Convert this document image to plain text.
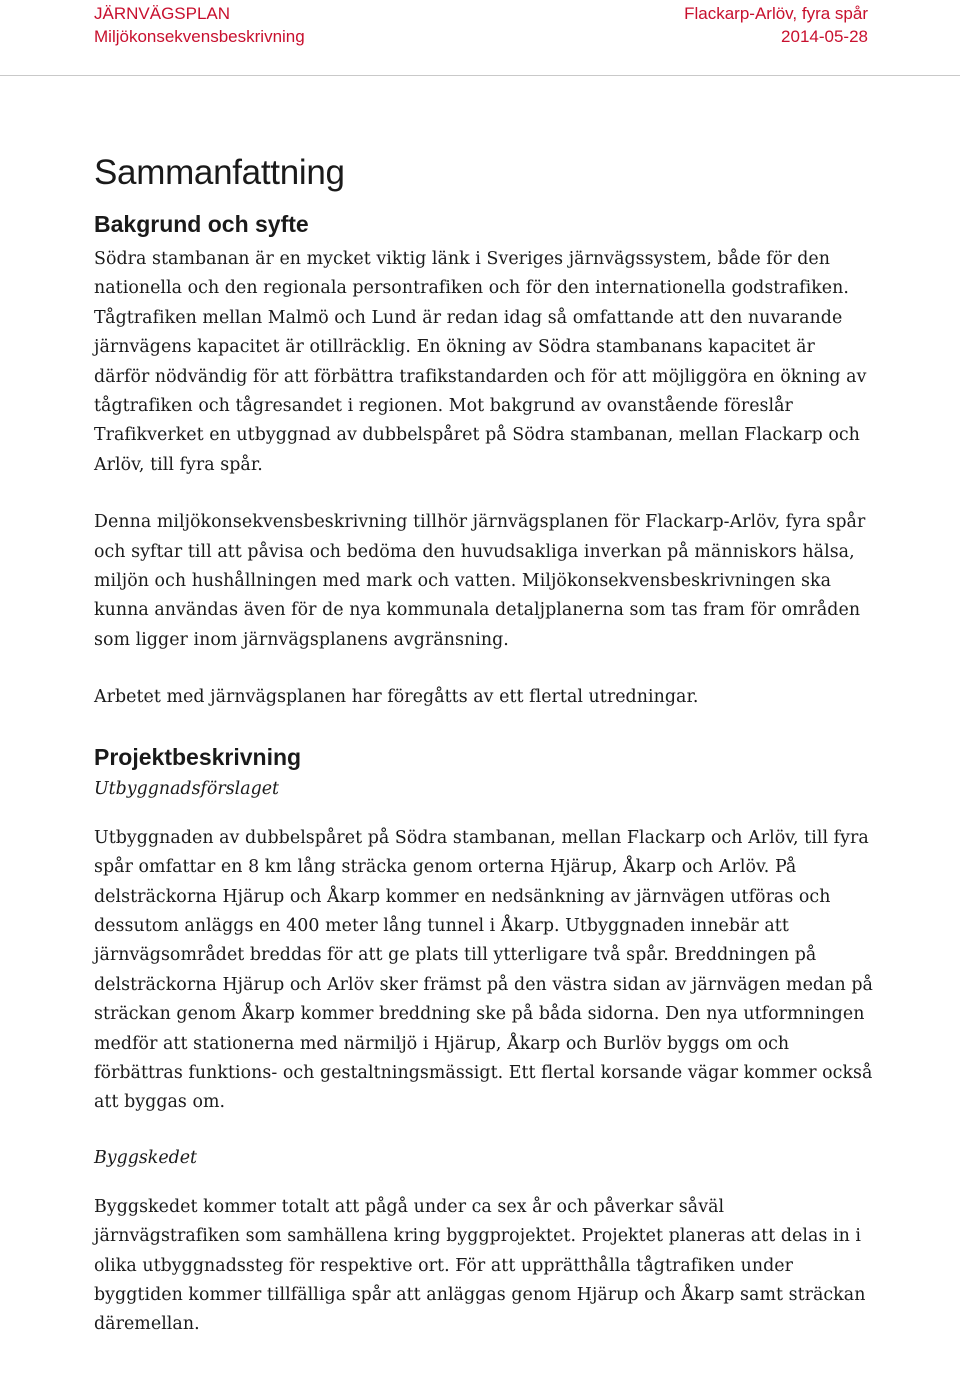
JÄRNVÄGSPLAN
Miljökonsekvensbeskrivning
Flackarp-Arlöv, fyra spår
2014-05-28
Sammanfattning
Bakgrund och syfte

Södra stambanan är en mycket viktig länk i Sveriges järnvägssystem, både för den nationella och den regionala persontrafiken och för den internationella godstrafiken. Tågtrafiken mellan Malmö och Lund är redan idag så omfattande att den nuvarande järnvägens kapacitet är otillräcklig. En ökning av Södra stambanans kapacitet är därför nödvändig för att förbättra trafikstandarden och för att möjliggöra en ökning av tågtrafiken och tågresandet i regionen. Mot bakgrund av ovanstående föreslår Trafikverket en utbyggnad av dubbelspåret på Södra stambanan, mellan Flackarp och Arlöv, till fyra spår.

Denna miljökonsekvensbeskrivning tillhör järnvägsplanen för Flackarp-Arlöv, fyra spår och syftar till att påvisa och bedöma den huvudsakliga inverkan på människors hälsa, miljön och hushållningen med mark och vatten. Miljökonsekvensbeskrivningen ska kunna användas även för de nya kommunala detaljplanerna som tas fram för områden som ligger inom järnvägsplanens avgränsning.

Arbetet med järnvägsplanen har föregåtts av ett flertal utredningar.

Projektbeskrivning
Utbyggnadsförslaget

Utbyggnaden av dubbelspåret på Södra stambanan, mellan Flackarp och Arlöv, till fyra spår omfattar en 8 km lång sträcka genom orterna Hjärup, Åkarp och Arlöv. På delsträckorna Hjärup och Åkarp kommer en nedsänkning av järnvägen utföras och dessutom anläggs en 400 meter lång tunnel i Åkarp. Utbyggnaden innebär att järnvägsområdet breddas för att ge plats till ytterligare två spår. Breddningen på delsträckorna Hjärup och Arlöv sker främst på den västra sidan av järnvägen medan på sträckan genom Åkarp kommer breddning ske på båda sidorna. Den nya utformningen medför att stationerna med närmiljö i Hjärup, Åkarp och Burlöv byggs om och förbättras funktions- och gestaltningsmässigt. Ett flertal korsande vägar kommer också att byggas om.

Byggskedet

Byggskedet kommer totalt att pågå under ca sex år och påverkar såväl järnvägstrafiken som samhällena kring byggprojektet. Projektet planeras att delas in i olika utbyggnadssteg för respektive ort. För att upprätthålla tågtrafiken under byggtiden kommer tillfälliga spår att anläggas genom Hjärup och Åkarp samt sträckan däremellan.
